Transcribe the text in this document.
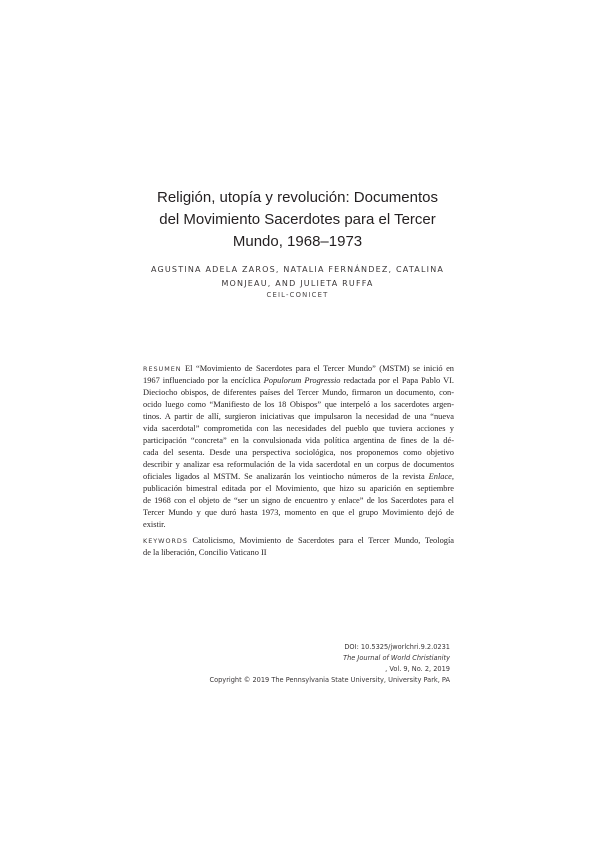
Religión, utopía y revolución: Documentos
del Movimiento Sacerdotes para el Tercer
Mundo, 1968–1973
AGUSTINA ADELA ZAROS, NATALIA FERNÁNDEZ, CATALINA
MONJEAU, AND JULIETA RUFFA
CEIL-CONICET
RESUMEN El “Movimiento de Sacerdotes para el Tercer Mundo” (MSTM) se inició en
1967 influenciado por la encíclica Populorum Progressio redactada por el Papa Pablo VI.
Dieciocho obispos, de diferentes países del Tercer Mundo, firmaron un documento, con-
ocido luego como “Manifiesto de los 18 Obispos” que interpeló a los sacerdotes argen-
tinos. A partir de allí, surgieron iniciativas que impulsaron la necesidad de una “nueva
vida sacerdotal” comprometida con las necesidades del pueblo que tuviera acciones y
participación “concreta” en la convulsionada vida política argentina de fines de la dé-
cada del sesenta. Desde una perspectiva sociológica, nos proponemos como objetivo
describir y analizar esa reformulación de la vida sacerdotal en un corpus de documentos
oficiales ligados al MSTM. Se analizarán los veintiocho números de la revista Enlace,
publicación bimestral editada por el Movimiento, que hizo su aparición en septiembre
de 1968 con el objeto de “ser un signo de encuentro y enlace” de los Sacerdotes para el
Tercer Mundo y que duró hasta 1973, momento en que el grupo Movimiento dejó de
existir.
KEYWORDS Catolicismo, Movimiento de Sacerdotes para el Tercer Mundo, Teología
de la liberación, Concilio Vaticano II
DOI: 10.5325/jworlchri.9.2.0231
The Journal of World Christianity
, Vol. 9, No. 2, 2019
Copyright © 2019 The Pennsylvania State University, University Park, PA
